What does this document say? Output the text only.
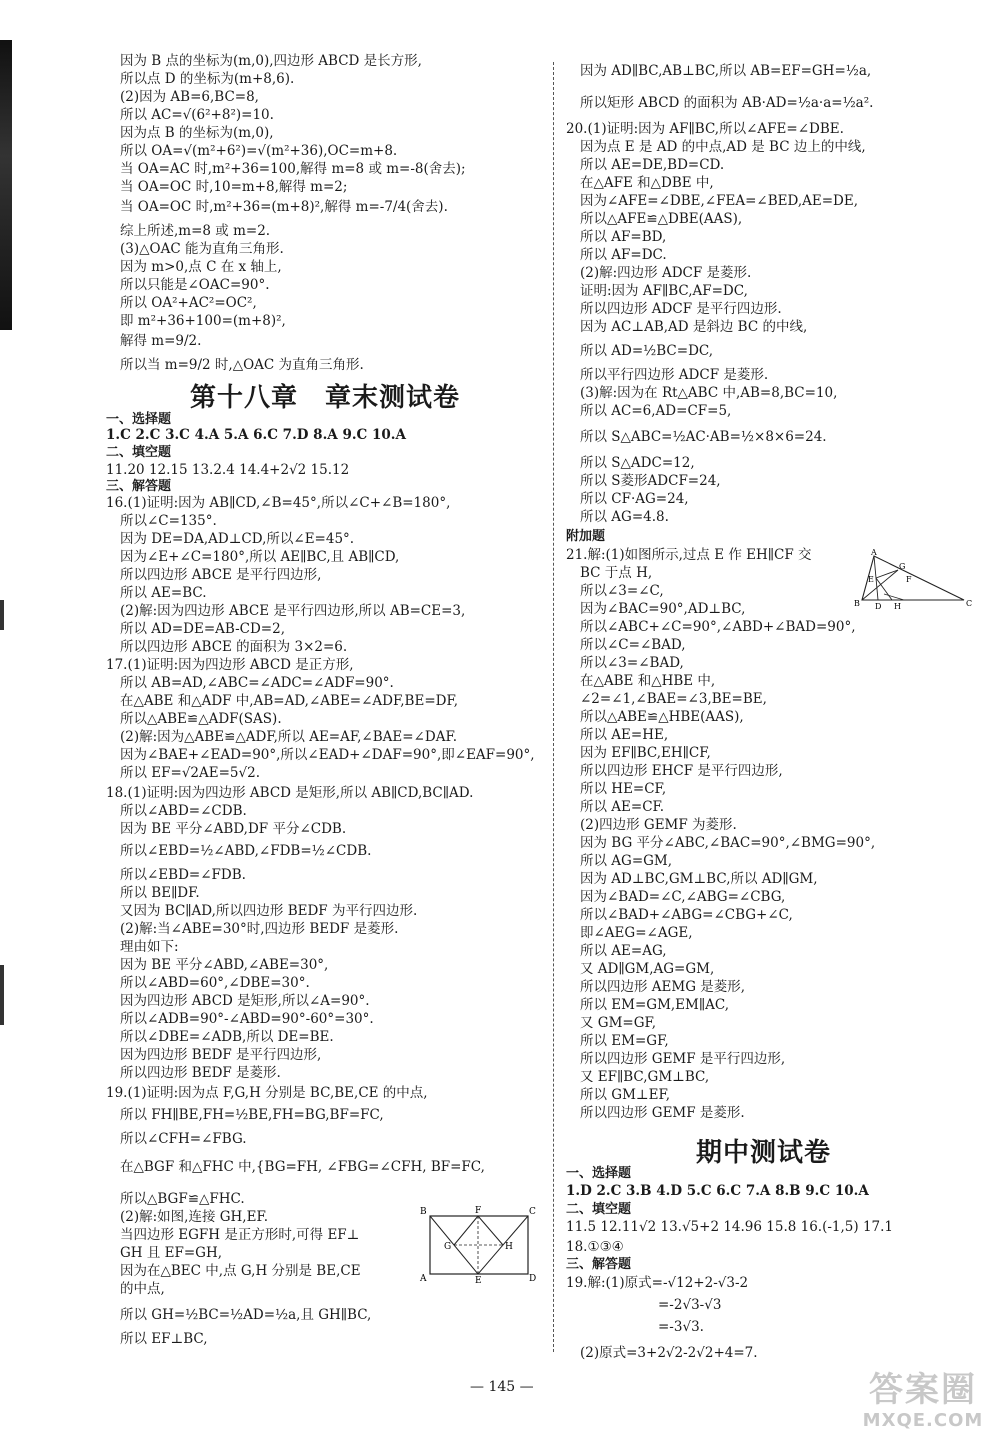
因为 B 点的坐标为(m,0),四边形 ABCD 是长方形,
所以点 D 的坐标为(m+8,6).
(2)因为 AB=6,BC=8,
所以 AC=√(6²+8²)=10.
因为点 B 的坐标为(m,0),
所以 OA=√(m²+6²)=√(m²+36),OC=m+8.
当 OA=AC 时,m²+36=100,解得 m=8 或 m=-8(舍去);
当 OA=OC 时,10=m+8,解得 m=2;
当 OA=OC 时,m²+36=(m+8)²,解得 m=-7/4(舍去).
综上所述,m=8 或 m=2.
(3)△OAC 能为直角三角形.
因为 m>0,点 C 在 x 轴上,
所以只能是∠OAC=90°.
所以 OA²+AC²=OC²,
即 m²+36+100=(m+8)²,
解得 m=9/2.
所以当 m=9/2 时,△OAC 为直角三角形.
第十八章　章末测试卷
一、选择题
1.C 2.C 3.C 4.A 5.A 6.C 7.D 8.A 9.C 10.A
二、填空题
11.20 12.15 13.2.4 14.4+2√2 15.12
三、解答题
16.(1)证明:因为 AB∥CD,∠B=45°,所以∠C+∠B=180°,
所以∠C=135°.
因为 DE=DA,AD⊥CD,所以∠E=45°.
因为∠E+∠C=180°,所以 AE∥BC,且 AB∥CD,
所以四边形 ABCE 是平行四边形,
所以 AE=BC.
(2)解:因为四边形 ABCE 是平行四边形,所以 AB=CE=3,
所以 AD=DE=AB-CD=2,
所以四边形 ABCE 的面积为 3×2=6.
17.(1)证明:因为四边形 ABCD 是正方形,
所以 AB=AD,∠ABC=∠ADC=∠ADF=90°.
在△ABE 和△ADF 中,AB=AD,∠ABE=∠ADF,BE=DF,
所以△ABE≌△ADF(SAS).
(2)解:因为△ABE≌△ADF,所以 AE=AF,∠BAE=∠DAF.
因为∠BAE+∠EAD=90°,所以∠EAD+∠DAF=90°,即∠EAF=90°,
所以 EF=√2AE=5√2.
18.(1)证明:因为四边形 ABCD 是矩形,所以 AB∥CD,BC∥AD.
所以∠ABD=∠CDB.
因为 BE 平分∠ABD,DF 平分∠CDB.
所以∠EBD=½∠ABD,∠FDB=½∠CDB.
所以∠EBD=∠FDB.
所以 BE∥DF.
又因为 BC∥AD,所以四边形 BEDF 为平行四边形.
(2)解:当∠ABE=30°时,四边形 BEDF 是菱形.
理由如下:
因为 BE 平分∠ABD,∠ABE=30°,
所以∠ABD=60°,∠DBE=30°.
因为四边形 ABCD 是矩形,所以∠A=90°.
所以∠ADB=90°-∠ABD=90°-60°=30°.
所以∠DBE=∠ADB,所以 DE=BE.
因为四边形 BEDF 是平行四边形,
所以四边形 BEDF 是菱形.
19.(1)证明:因为点 F,G,H 分别是 BC,BE,CE 的中点,
所以 FH∥BE,FH=½BE,FH=BG,BF=FC,
所以∠CFH=∠FBG.
在△BGF 和△FHC 中,{BG=FH, ∠FBG=∠CFH, BF=FC,
所以△BGF≌△FHC.
(2)解:如图,连接 GH,EF.
当四边形 EGFH 是正方形时,可得 EF⊥
GH 且 EF=GH,
因为在△BEC 中,点 G,H 分别是 BE,CE
的中点,
所以 GH=½BC=½AD=½a,且 GH∥BC,
所以 EF⊥BC,
B	F	C
G	H
A	E	D
因为 AD∥BC,AB⊥BC,所以 AB=EF=GH=½a,
所以矩形 ABCD 的面积为 AB·AD=½a·a=½a².
20.(1)证明:因为 AF∥BC,所以∠AFE=∠DBE.
因为点 E 是 AD 的中点,AD 是 BC 边上的中线,
所以 AE=DE,BD=CD.
在△AFE 和△DBE 中,
因为∠AFE=∠DBE,∠FEA=∠BED,AE=DE,
所以△AFE≌△DBE(AAS),
所以 AF=BD,
所以 AF=DC.
(2)解:四边形 ADCF 是菱形.
证明:因为 AF∥BC,AF=DC,
所以四边形 ADCF 是平行四边形.
因为 AC⊥AB,AD 是斜边 BC 的中线,
所以 AD=½BC=DC,
所以平行四边形 ADCF 是菱形.
(3)解:因为在 Rt△ABC 中,AB=8,BC=10,
所以 AC=6,AD=CF=5,
所以 S△ABC=½AC·AB=½×8×6=24.
所以 S△ADC=12,
所以 S菱形ADCF=24,
所以 CF·AG=24,
所以 AG=4.8.
附加题
21.解:(1)如图所示,过点 E 作 EH∥CF 交
BC 于点 H,
所以∠3=∠C,
因为∠BAC=90°,AD⊥BC,
所以∠ABC+∠C=90°,∠ABD+∠BAD=90°,
所以∠C=∠BAD,
所以∠3=∠BAD,
在△ABE 和△HBE 中,
∠2=∠1,∠BAE=∠3,BE=BE,
所以△ABE≌△HBE(AAS),
所以 AE=HE,
因为 EF∥BC,EH∥CF,
所以四边形 EHCF 是平行四边形,
所以 HE=CF,
所以 AE=CF.
(2)四边形 GEMF 为菱形.
因为 BG 平分∠ABC,∠BAC=90°,∠BMG=90°,
所以 AG=GM,
因为 AD⊥BC,GM⊥BC,所以 AD∥GM,
因为∠BAD=∠C,∠ABG=∠CBG,
所以∠BAD+∠ABG=∠CBG+∠C,
即∠AEG=∠AGE,
所以 AE=AG,
又 AD∥GM,AG=GM,
所以四边形 AEMG 是菱形,
所以 EM=GM,EM∥AC,
又 GM=GF,
所以 EM=GF,
所以四边形 GEMF 是平行四边形,
又 EF∥BC,GM⊥BC,
所以 GM⊥EF,
所以四边形 GEMF 是菱形.
期中测试卷
一、选择题
1.D 2.C 3.B 4.D 5.C 6.C 7.A 8.B 9.C 10.A
二、填空题
11.5 12.11√2 13.√5+2 14.96 15.8 16.(-1,5) 17.1
18.①③④
三、解答题
19.解:(1)原式=-√12+2-√3-2
=-2√3-√3
=-3√3.
(2)原式=3+2√2-2√2+4=7.
A
G
F
E
B D H	C
— 145 —	答案圈
MXQE.COM
